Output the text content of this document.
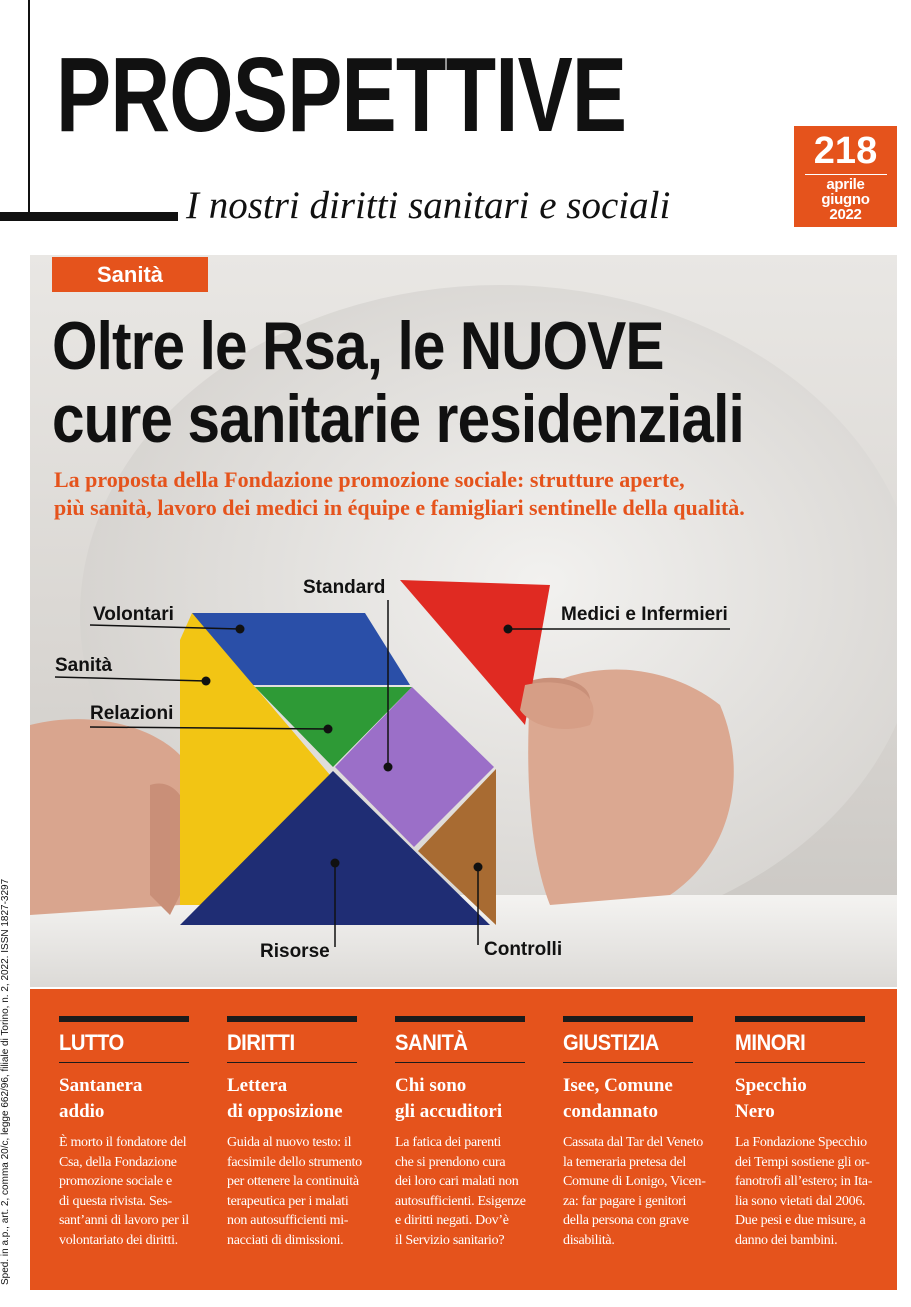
PROSPETTIVE
I nostri diritti sanitari e sociali
218
aprile
giugno
2022
Sanità
Oltre le Rsa, le NUOVE
cure sanitarie residenziali
La proposta della Fondazione promozione sociale: strutture aperte,
più sanità, lavoro dei medici in équipe e famigliari sentinelle della qualità.
Standard
Volontari	Medici e Infermieri
Sanità
Relazioni
Risorse	Controlli
LUTTO
Santanera
addio
È morto il fondatore del
Csa, della Fondazione
promozione sociale e
di questa rivista. Ses-
sant’anni di lavoro per il
volontariato dei diritti.
DIRITTI
Lettera
di opposizione
Guida al nuovo testo: il
facsimile dello strumento
per ottenere la continuità
terapeutica per i malati
non autosufficienti mi-
nacciati di dimissioni.
SANITÀ
Chi sono
gli accuditori
La fatica dei parenti
che si prendono cura
dei loro cari malati non
autosufficienti. Esigenze
e diritti negati. Dov’è
il Servizio sanitario?
GIUSTIZIA
Isee, Comune
condannato
Cassata dal Tar del Veneto
la temeraria pretesa del
Comune di Lonigo, Vicen-
za: far pagare i genitori
della persona con grave
disabilità.
MINORI
Specchio
Nero
La Fondazione Specchio
dei Tempi sostiene gli or-
fanotrofi all’estero; in Ita-
lia sono vietati dal 2006.
Due pesi e due misure, a
danno dei bambini.
Sped. in a.p., art. 2, comma 20/c, legge 662/96, filiale di Torino, n. 2, 2022. ISSN 1827-3297
